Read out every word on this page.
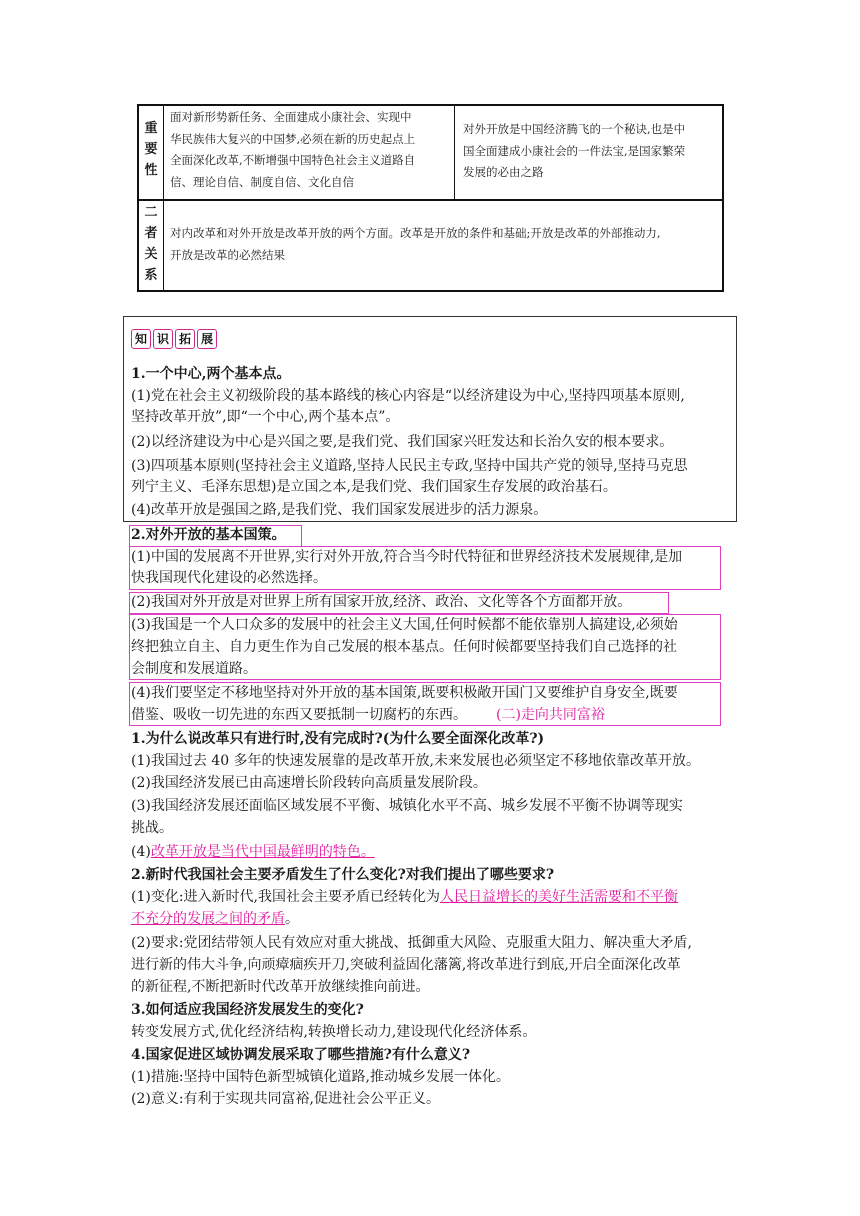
重
要
性
面对新形势新任务、全面建成小康社会、实现中
华民族伟大复兴的中国梦,必须在新的历史起点上
全面深化改革,不断增强中国特色社会主义道路自
信、理论自信、制度自信、文化自信
对外开放是中国经济腾飞的一个秘诀,也是中
国全面建成小康社会的一件法宝,是国家繁荣
发展的必由之路
二
者
关
系
对内改革和对外开放是改革开放的两个方面。改革是开放的条件和基础;开放是改革的外部推动力,
开放是改革的必然结果
知 识 拓 展
1.一个中心,两个基本点。
(1)党在社会主义初级阶段的基本路线的核心内容是“以经济建设为中心,坚持四项基本原则,
坚持改革开放”,即“一个中心,两个基本点”。
(2)以经济建设为中心是兴国之要,是我们党、我们国家兴旺发达和长治久安的根本要求。
(3)四项基本原则(坚持社会主义道路,坚持人民民主专政,坚持中国共产党的领导,坚持马克思
列宁主义、毛泽东思想)是立国之本,是我们党、我们国家生存发展的政治基石。
(4)改革开放是强国之路,是我们党、我们国家发展进步的活力源泉。
2.对外开放的基本国策。
(1)中国的发展离不开世界,实行对外开放,符合当今时代特征和世界经济技术发展规律,是加
快我国现代化建设的必然选择。
(2)我国对外开放是对世界上所有国家开放,经济、政治、文化等各个方面都开放。
(3)我国是一个人口众多的发展中的社会主义大国,任何时候都不能依靠别人搞建设,必须始
终把独立自主、自力更生作为自己发展的根本基点。任何时候都要坚持我们自己选择的社
会制度和发展道路。
(4)我们要坚定不移地坚持对外开放的基本国策,既要积极敞开国门又要维护自身安全,既要
借鉴、吸收一切先进的东西又要抵制一切腐朽的东西。 (二)走向共同富裕
1.为什么说改革只有进行时,没有完成时?(为什么要全面深化改革?)
(1)我国过去 40 多年的快速发展靠的是改革开放,未来发展也必须坚定不移地依靠改革开放。
(2)我国经济发展已由高速增长阶段转向高质量发展阶段。
(3)我国经济发展还面临区域发展不平衡、城镇化水平不高、城乡发展不平衡不协调等现实
挑战。
(4)改革开放是当代中国最鲜明的特色。
2.新时代我国社会主要矛盾发生了什么变化?对我们提出了哪些要求?
(1)变化:进入新时代,我国社会主要矛盾已经转化为人民日益增长的美好生活需要和不平衡
不充分的发展之间的矛盾。
(2)要求:党团结带领人民有效应对重大挑战、抵御重大风险、克服重大阻力、解决重大矛盾,
进行新的伟大斗争,向顽瘴痼疾开刀,突破利益固化藩篱,将改革进行到底,开启全面深化改革
的新征程,不断把新时代改革开放继续推向前进。
3.如何适应我国经济发展发生的变化?
转变发展方式,优化经济结构,转换增长动力,建设现代化经济体系。
4.国家促进区域协调发展采取了哪些措施?有什么意义?
(1)措施:坚持中国特色新型城镇化道路,推动城乡发展一体化。
(2)意义:有利于实现共同富裕,促进社会公平正义。
